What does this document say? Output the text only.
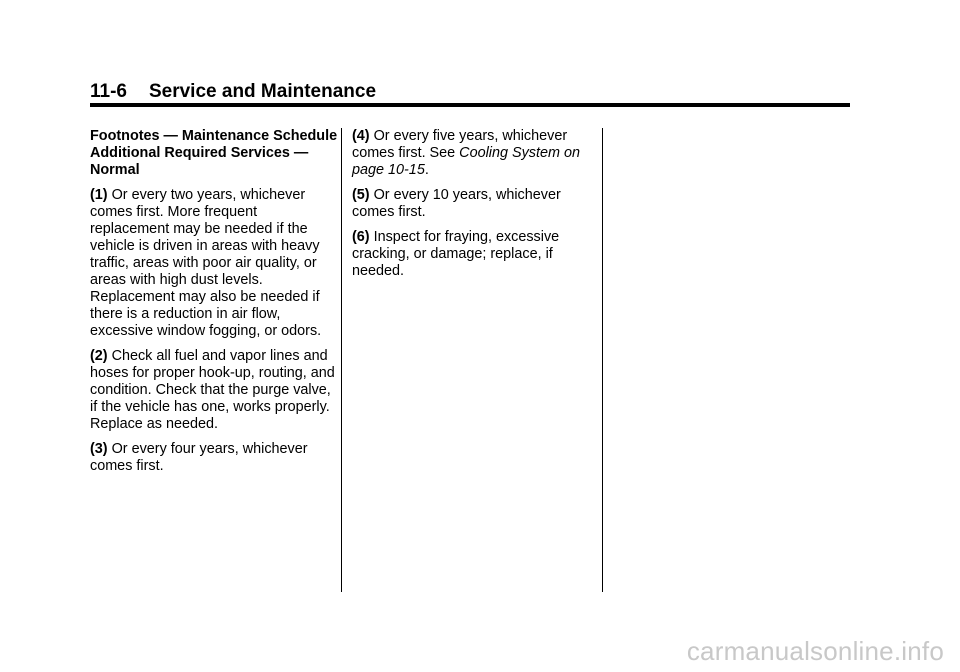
11-6 Service and Maintenance

Footnotes — Maintenance Schedule Additional Required Services — Normal

(1) Or every two years, whichever comes first. More frequent replacement may be needed if the vehicle is driven in areas with heavy traffic, areas with poor air quality, or areas with high dust levels. Replacement may also be needed if there is a reduction in air flow, excessive window fogging, or odors.

(2) Check all fuel and vapor lines and hoses for proper hook-up, routing, and condition. Check that the purge valve, if the vehicle has one, works properly. Replace as needed.

(3) Or every four years, whichever comes first.

(4) Or every five years, whichever comes first. See Cooling System on page 10-15.

(5) Or every 10 years, whichever comes first.

(6) Inspect for fraying, excessive cracking, or damage; replace, if needed.

carmanualsonline.info
